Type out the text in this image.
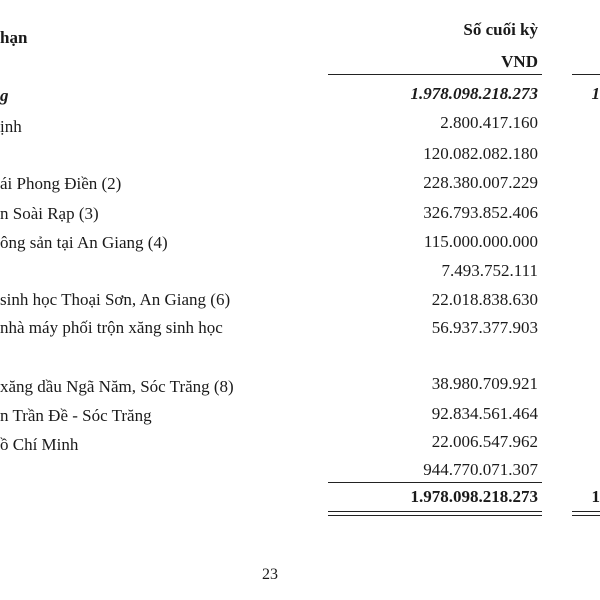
hạn	Số cuối kỳ
VND
g	1.978.098.218.273	1
ịnh	2.800.417.160
120.082.082.180
ái Phong Điền (2)	228.380.007.229
n Soài Rạp (3)	326.793.852.406
ông sản tại An Giang (4)	115.000.000.000
7.493.752.111
sinh học Thoại Sơn, An Giang (6)	22.018.838.630
nhà máy phối trộn xăng sinh học	56.937.377.903
xăng dầu Ngã Năm, Sóc Trăng (8)	38.980.709.921
n Trần Đề - Sóc Trăng	92.834.561.464
ồ Chí Minh	22.006.547.962
944.770.071.307
1.978.098.218.273	1
23
